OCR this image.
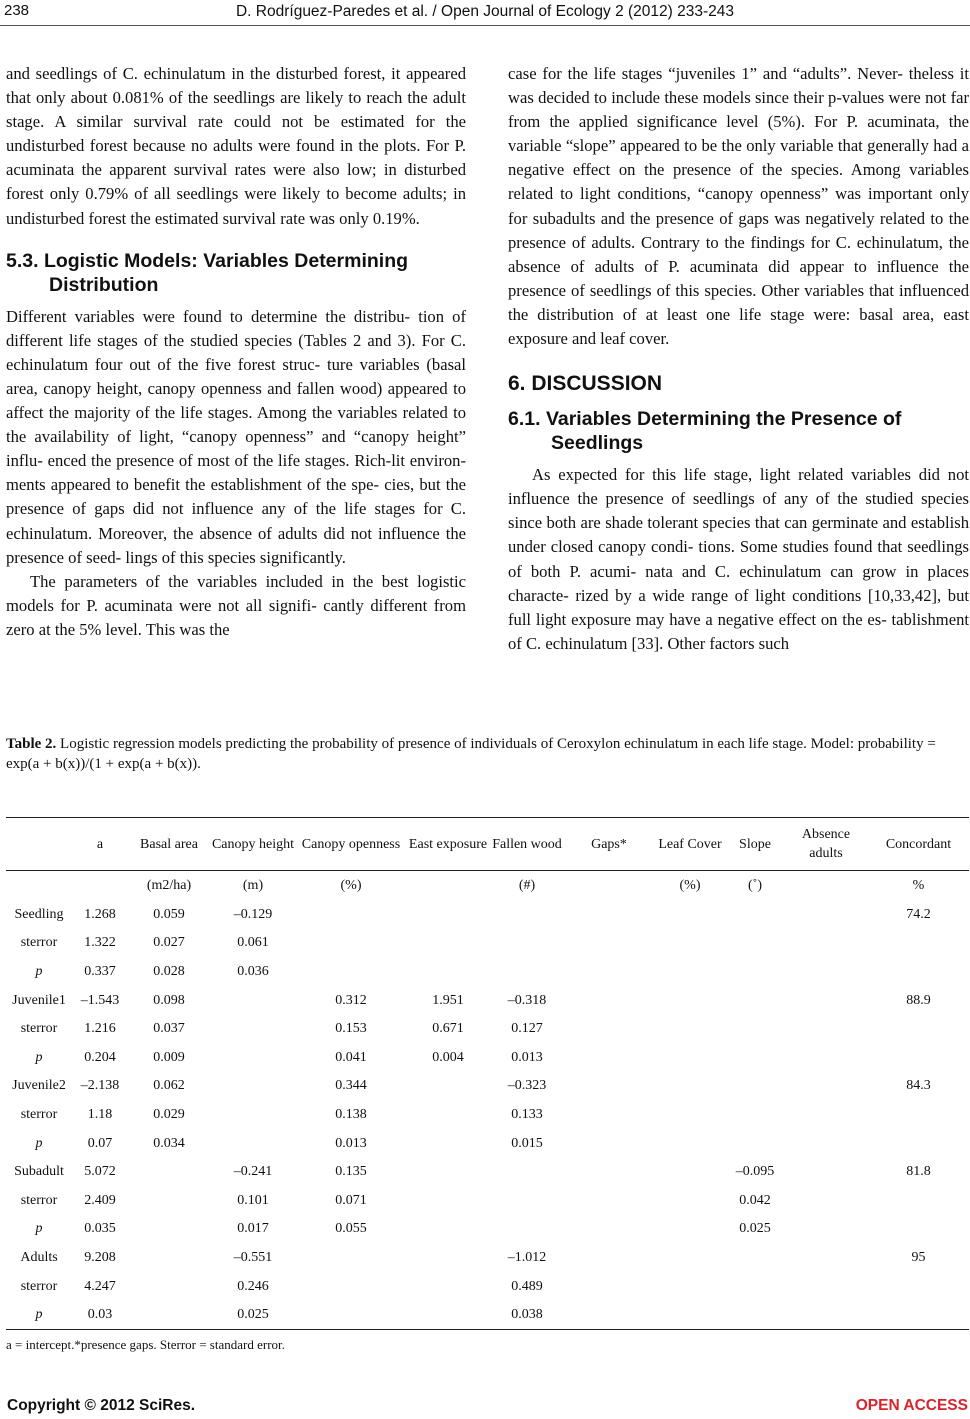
238	D. Rodríguez-Paredes et al. / Open Journal of Ecology 2 (2012) 233-243

and seedlings of C. echinulatum in the disturbed forest, it appeared that only about 0.081% of the seedlings are likely to reach the adult stage. A similar survival rate could not be estimated for the undisturbed forest because no adults were found in the plots. For P. acuminata the apparent survival rates were also low; in disturbed forest only 0.79% of all seedlings were likely to become adults; in undisturbed forest the estimated survival rate was only 0.19%.

5.3. Logistic Models: Variables Determining Distribution

Different variables were found to determine the distribu- tion of different life stages of the studied species (Tables 2 and 3). For C. echinulatum four out of the five forest struc- ture variables (basal area, canopy height, canopy openness and fallen wood) appeared to affect the majority of the life stages. Among the variables related to the availability of light, “canopy openness” and “canopy height” influ- enced the presence of most of the life stages. Rich-lit environ- ments appeared to benefit the establishment of the spe- cies, but the presence of gaps did not influence any of the life stages for C. echinulatum. Moreover, the absence of adults did not influence the presence of seed- lings of this species significantly.

The parameters of the variables included in the best logistic models for P. acuminata were not all signifi- cantly different from zero at the 5% level. This was the

case for the life stages “juveniles 1” and “adults”. Never- theless it was decided to include these models since their p-values were not far from the applied significance level (5%). For P. acuminata, the variable “slope” appeared to be the only variable that generally had a negative effect on the presence of the species. Among variables related to light conditions, “canopy openness” was important only for subadults and the presence of gaps was negatively related to the presence of adults. Contrary to the findings for C. echinulatum, the absence of adults of P. acuminata did appear to influence the presence of seedlings of this species. Other variables that influenced the distribution of at least one life stage were: basal area, east exposure and leaf cover.

6. DISCUSSION
6.1. Variables Determining the Presence of Seedlings

As expected for this life stage, light related variables did not influence the presence of seedlings of any of the studied species since both are shade tolerant species that can germinate and establish under closed canopy condi- tions. Some studies found that seedlings of both P. acumi- nata and C. echinulatum can grow in places characte- rized by a wide range of light conditions [10,33,42], but full light exposure may have a negative effect on the es- tablishment of C. echinulatum [33]. Other factors such

Table 2. Logistic regression models predicting the probability of presence of individuals of Ceroxylon echinulatum in each life stage. Model: probability = exp(a + b(x))/(1 + exp(a + b(x)).
	a	Basal area	Canopy height	Canopy openness	East exposure	Fallen wood	Gaps*	Leaf Cover	Slope	Absence adults	Concordant
		(m2/ha)	(m)	(%)		(#)		(%)	(˚)		%
Seedling	1.268	0.059	–0.129								74.2
sterror	1.322	0.027	0.061								
p	0.337	0.028	0.036								
Juvenile1	–1.543	0.098		0.312	1.951	–0.318					88.9
sterror	1.216	0.037		0.153	0.671	0.127					
p	0.204	0.009		0.041	0.004	0.013					
Juvenile2	–2.138	0.062		0.344		–0.323					84.3
sterror	1.18	0.029		0.138		0.133					
p	0.07	0.034		0.013		0.015					
Subadult	5.072		–0.241	0.135					–0.095		81.8
sterror	2.409		0.101	0.071					0.042		
p	0.035		0.017	0.055					0.025		
Adults	9.208		–0.551			–1.012					95
sterror	4.247		0.246			0.489					
p	0.03		0.025			0.038					
a = intercept.*presence gaps. Sterror = standard error.
Copyright © 2012 SciRes.	OPEN ACCESS
